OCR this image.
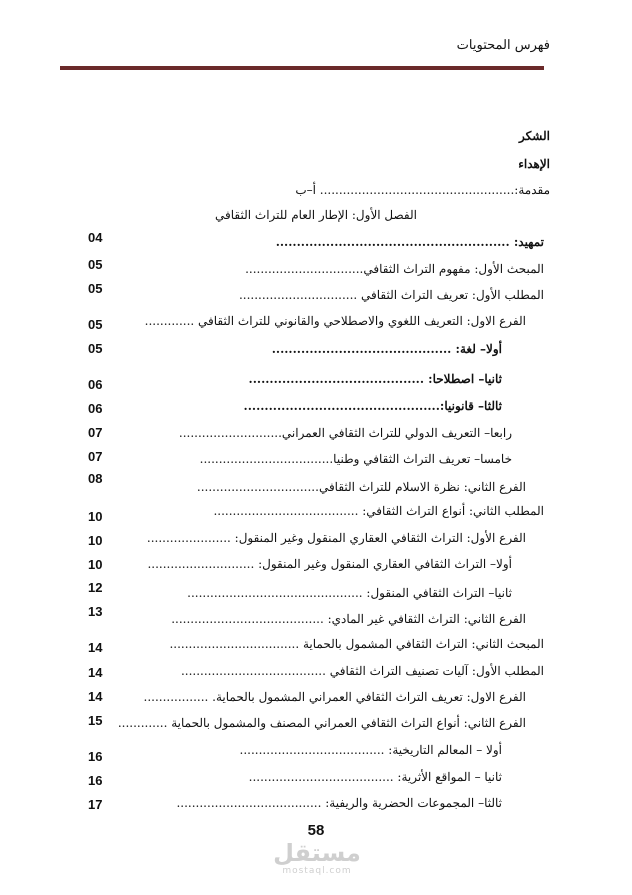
فهرس المحتويات
الشكر
الإهداء
مقدمة:................................................... أ–ب
الفصل الأول: الإطار العام للتراث الثقافي
تمهيد: ........................................................
04
المبحث الأول: مفهوم التراث الثقافي...............................
05
المطلب الأول: تعريف التراث الثقافي ...............................
05
الفرع الاول: التعريف اللغوي والاصطلاحي والقانوني للتراث الثقافي .............
05
أولا– لغة: ...........................................
05
ثانيا– اصطلاحا: ..........................................
06
ثالثا– قانونيا:...............................................
06
رابعا– التعريف الدولي للتراث الثقافي العمراني...........................
07
خامسا– تعريف التراث الثقافي وطنيا...................................
07
الفرع الثاني: نظرة الاسلام للتراث الثقافي................................
08
المطلب الثاني: أنواع التراث الثقافي: ......................................
10
الفرع الأول: التراث الثقافي العقاري المنقول وغير المنقول: ......................
10
أولا– التراث الثقافي العقاري المنقول وغير المنقول: ............................
10
ثانيا– التراث الثقافي المنقول: ..............................................
12
الفرع الثاني: التراث الثقافي غير المادي: ........................................
13
المبحث الثاني: التراث الثقافي المشمول بالحماية ..................................
14
المطلب الأول: آليات تصنيف التراث الثقافي ......................................
14
الفرع الاول: تعريف التراث الثقافي العمراني المشمول بالحماية. .................
14
الفرع الثاني: أنواع التراث الثقافي العمراني المصنف والمشمول بالحماية .............
15
أولا – المعالم التاريخية: ......................................
16
ثانيا – المواقع الأثرية: ......................................
16
ثالثا– المجموعات الحضرية والريفية: ......................................
17
58
مستقل
mostaql.com
